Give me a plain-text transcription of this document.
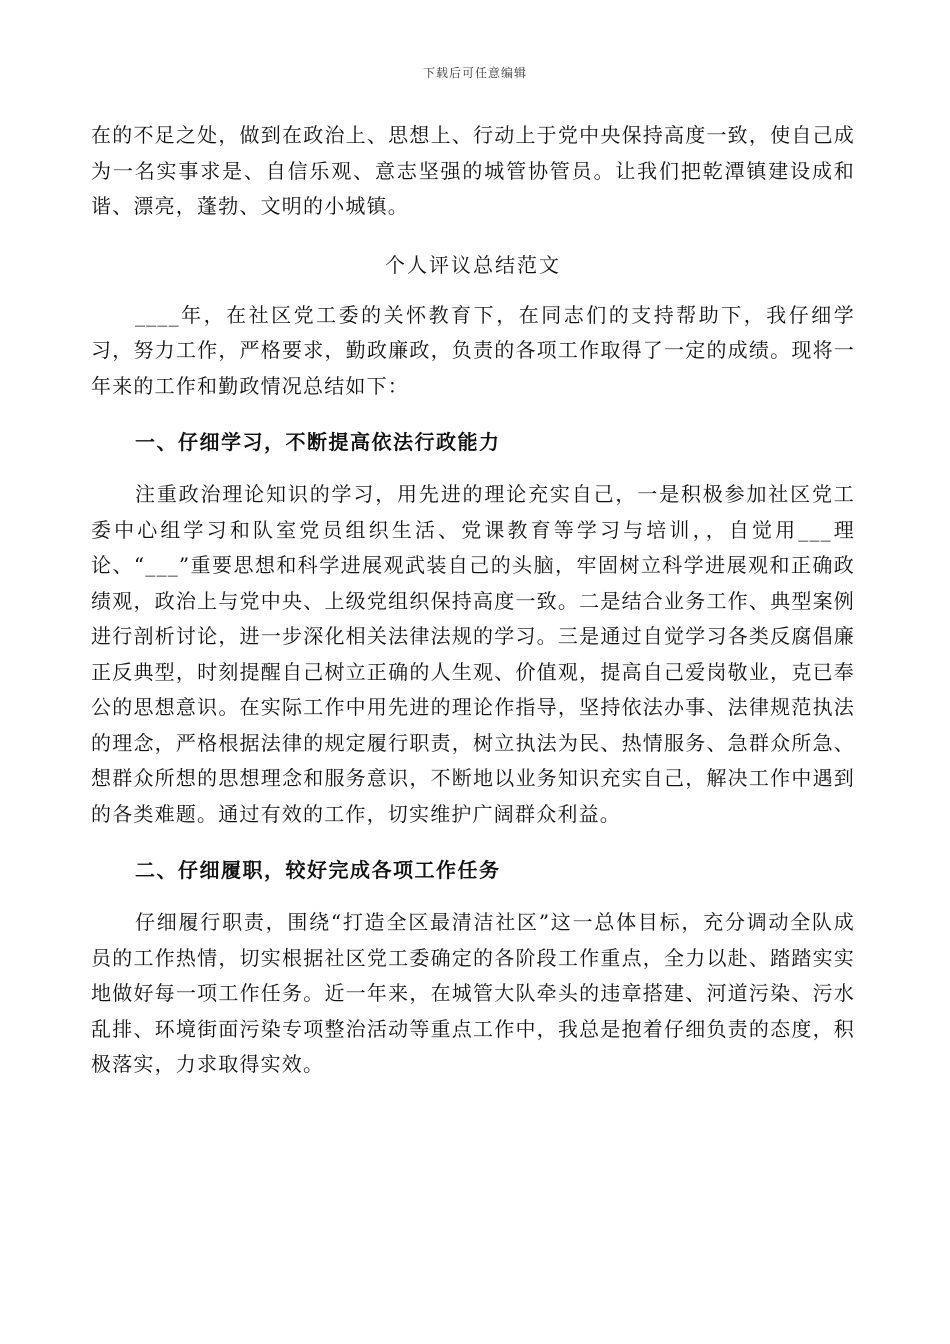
下载后可任意编辑

在的不足之处，做到在政治上、思想上、行动上于党中央保持高度一致，使自己成为一名实事求是、自信乐观、意志坚强的城管协管员。让我们把乾潭镇建设成和谐、漂亮，蓬勃、文明的小城镇。

个人评议总结范文

____年，在社区党工委的关怀教育下，在同志们的支持帮助下，我仔细学习，努力工作，严格要求，勤政廉政，负责的各项工作取得了一定的成绩。现将一年来的工作和勤政情况总结如下：

一、仔细学习，不断提高依法行政能力

注重政治理论知识的学习，用先进的理论充实自己，一是积极参加社区党工委中心组学习和队室党员组织生活、党课教育等学习与培训，，自觉用___理论、“___”重要思想和科学进展观武装自己的头脑，牢固树立科学进展观和正确政绩观，政治上与党中央、上级党组织保持高度一致。二是结合业务工作、典型案例进行剖析讨论，进一步深化相关法律法规的学习。三是通过自觉学习各类反腐倡廉正反典型，时刻提醒自己树立正确的人生观、价值观，提高自己爱岗敬业，克已奉公的思想意识。在实际工作中用先进的理论作指导，坚持依法办事、法律规范执法的理念，严格根据法律的规定履行职责，树立执法为民、热情服务、急群众所急、想群众所想的思想理念和服务意识，不断地以业务知识充实自己，解决工作中遇到的各类难题。通过有效的工作，切实维护广阔群众利益。

二、仔细履职，较好完成各项工作任务

仔细履行职责，围绕“打造全区最清洁社区”这一总体目标，充分调动全队成员的工作热情，切实根据社区党工委确定的各阶段工作重点，全力以赴、踏踏实实地做好每一项工作任务。近一年来，在城管大队牵头的违章搭建、河道污染、污水乱排、环境街面污染专项整治活动等重点工作中，我总是抱着仔细负责的态度，积极落实，力求取得实效。
